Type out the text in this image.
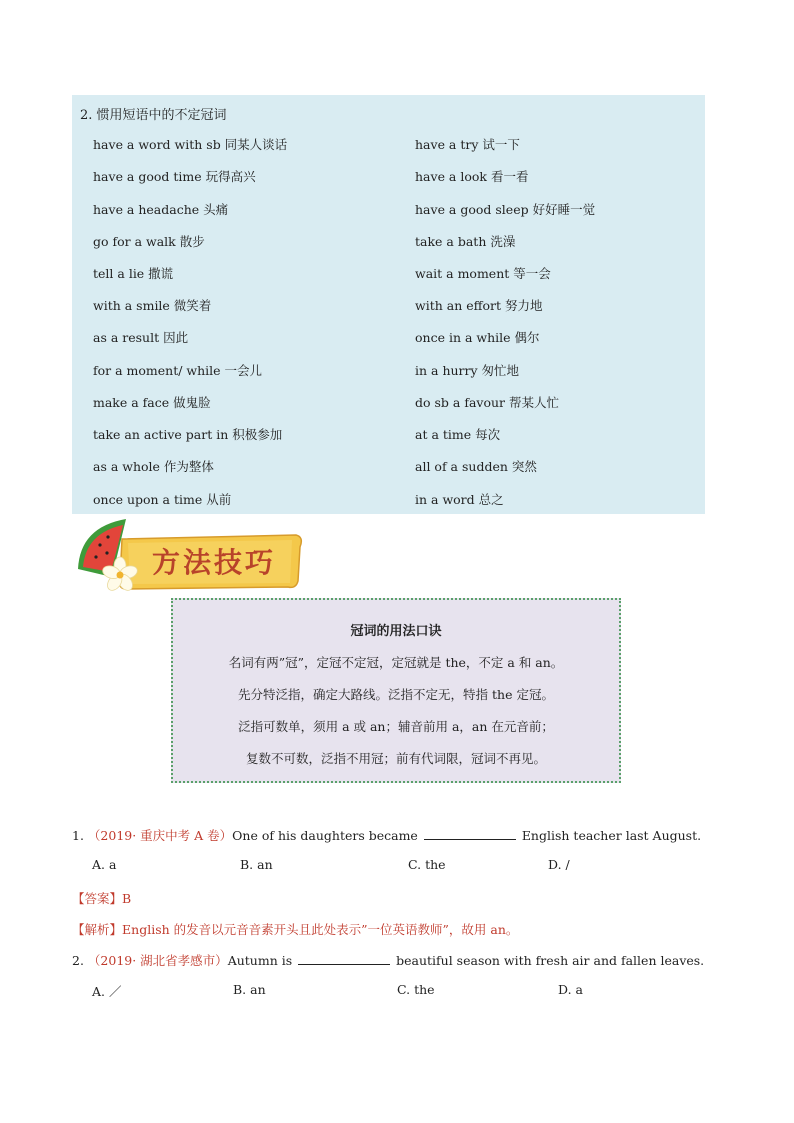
2. 惯用短语中的不定冠词
have a word with sb 同某人谈话	have a try 试一下
have a good time 玩得高兴	have a look 看一看
have a headache 头痛	have a good sleep 好好睡一觉
go for a walk 散步	take a bath 洗澡
tell a lie 撒谎	wait a moment 等一会
with a smile 微笑着	with an effort 努力地
as a result 因此	once in a while 偶尔
for a moment/ while 一会儿	in a hurry 匆忙地
make a face 做鬼脸	do sb a favour 帮某人忙
take an active part in 积极参加	at a time 每次
as a whole 作为整体	all of a sudden 突然
once upon a time 从前	in a word 总之
方法技巧
冠词的用法口诀
名词有两”冠”，定冠不定冠，定冠就是 the，不定 a 和 an。
先分特泛指，确定大路线。泛指不定无，特指 the 定冠。
泛指可数单，须用 a 或 an；辅音前用 a，an 在元音前；
复数不可数，泛指不用冠；前有代词限，冠词不再见。
1. （2019· 重庆中考 A 卷）One of his daughters became	English teacher last August.
A. a	B. an	C. the	D. /
【答案】B
【解析】English 的发音以元音音素开头且此处表示”一位英语教师”，故用 an。
2. （2019· 湖北省孝感市）Autumn is	beautiful season with fresh air and fallen leaves.
A. ／	B. an	C. the	D. a
